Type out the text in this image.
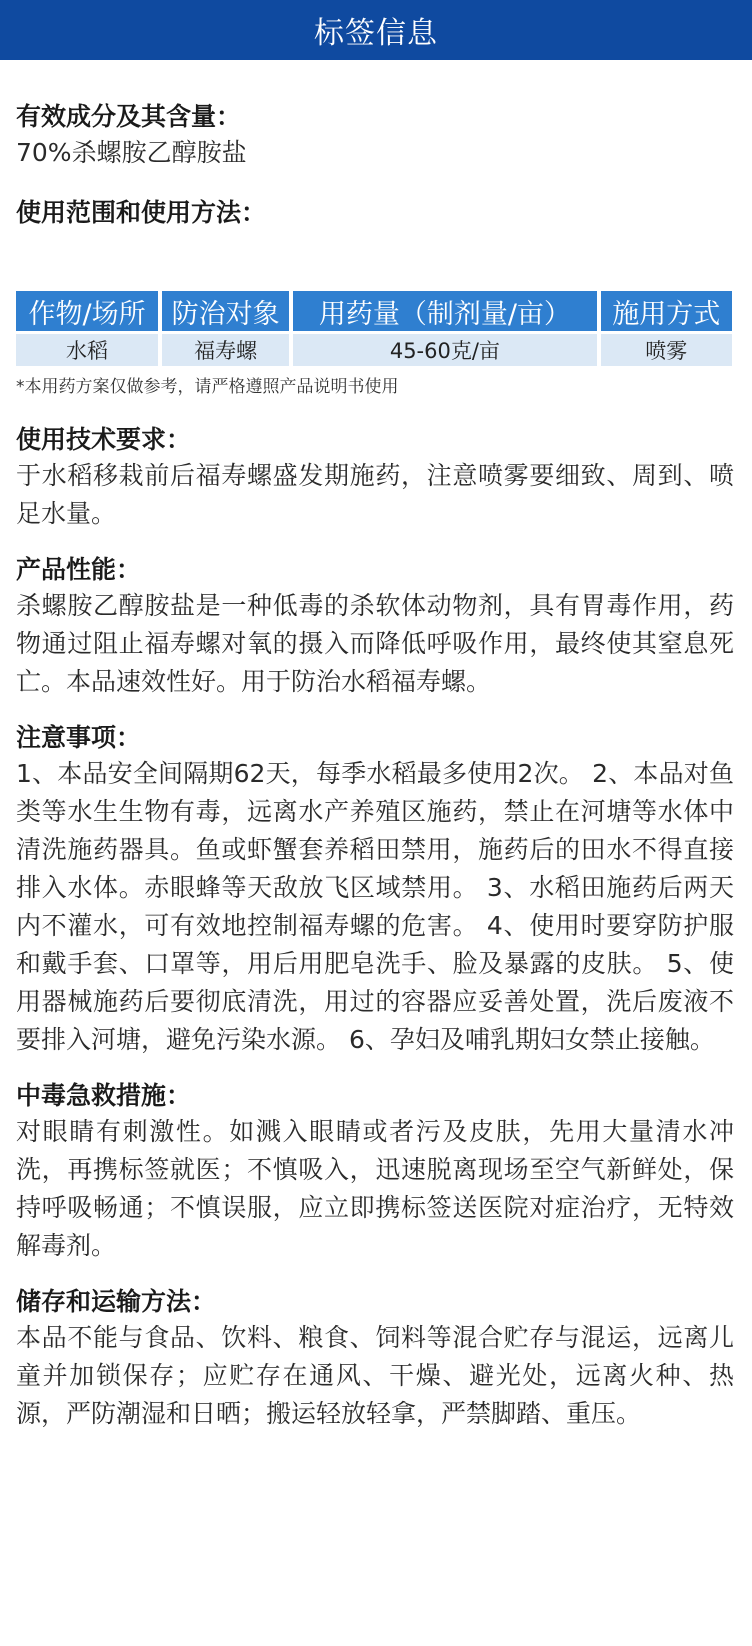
标签信息
有效成分及其含量：
70%杀螺胺乙醇胺盐
使用范围和使用方法：
作物/场所	防治对象	用药量（制剂量/亩）	施用方式
水稻	福寿螺	45-60克/亩	喷雾
*本用药方案仅做参考，请严格遵照产品说明书使用
使用技术要求：
于水稻移栽前后福寿螺盛发期施药，注意喷雾要细致、周到、喷足水量。
产品性能：
杀螺胺乙醇胺盐是一种低毒的杀软体动物剂，具有胃毒作用，药物通过阻止福寿螺对氧的摄入而降低呼吸作用，最终使其窒息死亡。本品速效性好。用于防治水稻福寿螺。
注意事项：
1、本品安全间隔期62天，每季水稻最多使用2次。 2、本品对鱼类等水生生物有毒，远离水产养殖区施药，禁止在河塘等水体中清洗施药器具。鱼或虾蟹套养稻田禁用，施药后的田水不得直接排入水体。赤眼蜂等天敌放飞区域禁用。 3、水稻田施药后两天内不灌水，可有效地控制福寿螺的危害。 4、使用时要穿防护服和戴手套、口罩等，用后用肥皂洗手、脸及暴露的皮肤。 5、使用器械施药后要彻底清洗，用过的容器应妥善处置，洗后废液不要排入河塘，避免污染水源。 6、孕妇及哺乳期妇女禁止接触。
中毒急救措施：
对眼睛有刺激性。如溅入眼睛或者污及皮肤，先用大量清水冲洗，再携标签就医；不慎吸入，迅速脱离现场至空气新鲜处，保持呼吸畅通；不慎误服，应立即携标签送医院对症治疗，无特效解毒剂。
储存和运输方法：
本品不能与食品、饮料、粮食、饲料等混合贮存与混运，远离儿童并加锁保存；应贮存在通风、干燥、避光处，远离火种、热源，严防潮湿和日晒；搬运轻放轻拿，严禁脚踏、重压。
